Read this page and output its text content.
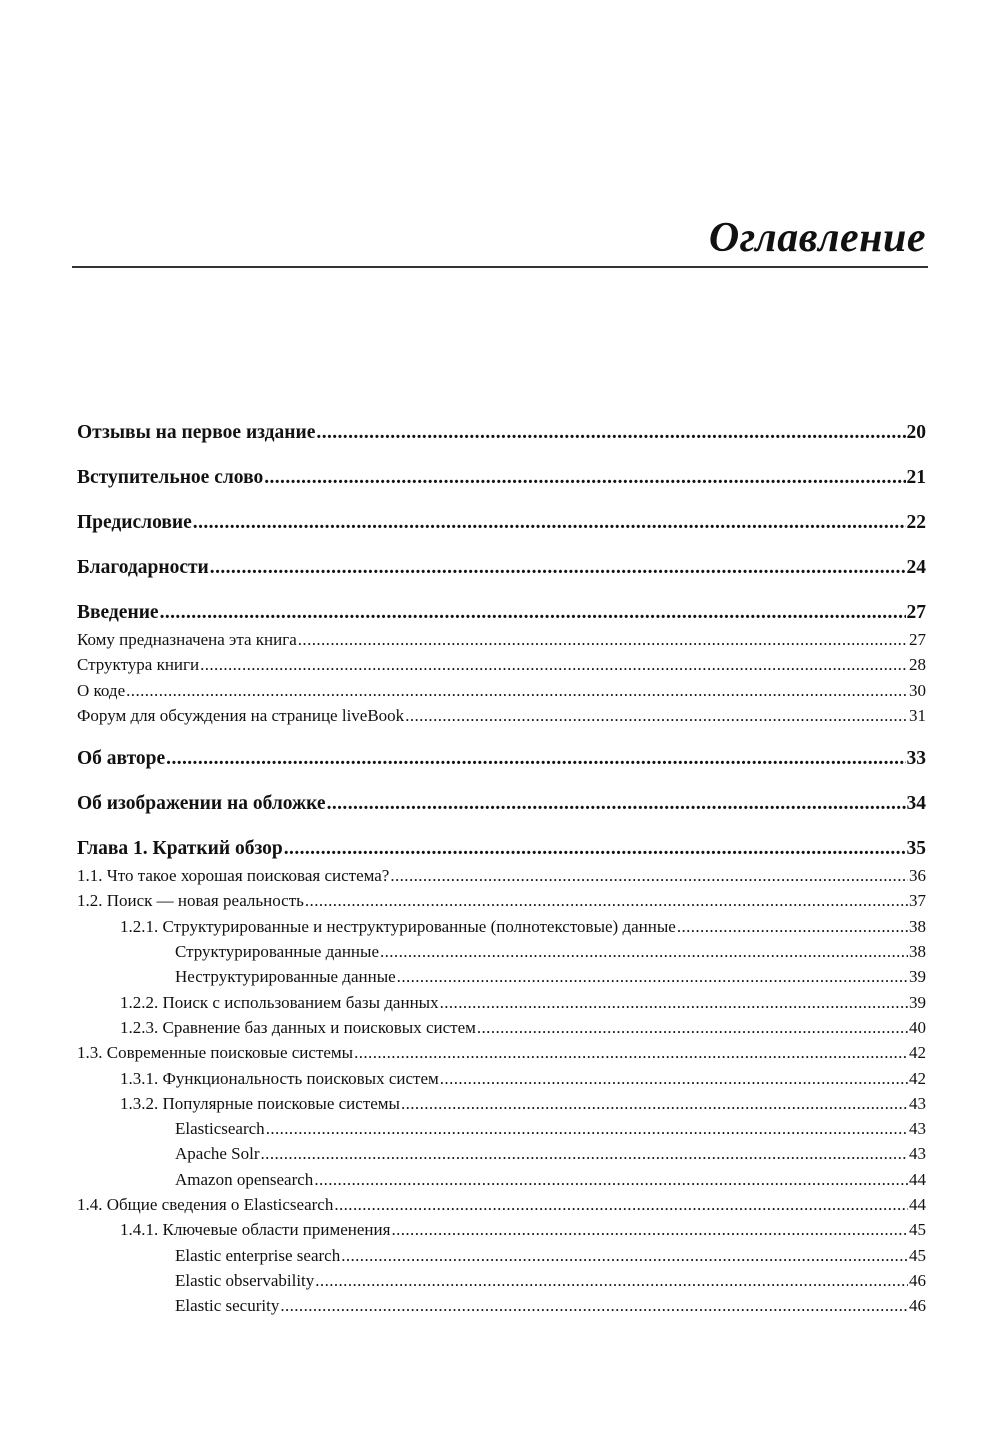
Оглавление
Отзывы на первое издание .....	20
Вступительное слово .....	21
Предисловие .....	22
Благодарности .....	24
Введение .....	27
Кому предназначена эта книга .....	27
Структура книги .....	28
О коде .....	30
Форум для обсуждения на странице liveBook .....	31
Об авторе .....	33
Об изображении на обложке .....	34
Глава 1. Краткий обзор .....	35
1.1. Что такое хорошая поисковая система? .....	36
1.2. Поиск — новая реальность .....	37
1.2.1. Структурированные и неструктурированные (полнотекстовые) данные .....	38
Структурированные данные .....	38
Неструктурированные данные .....	39
1.2.2. Поиск с использованием базы данных .....	39
1.2.3. Сравнение баз данных и поисковых систем .....	40
1.3. Современные поисковые системы .....	42
1.3.1. Функциональность поисковых систем .....	42
1.3.2. Популярные поисковые системы .....	43
Elasticsearch .....	43
Apache Solr .....	43
Amazon opensearch .....	44
1.4. Общие сведения о Elasticsearch .....	44
1.4.1. Ключевые области применения .....	45
Elastic enterprise search .....	45
Elastic observability .....	46
Elastic security .....	46
